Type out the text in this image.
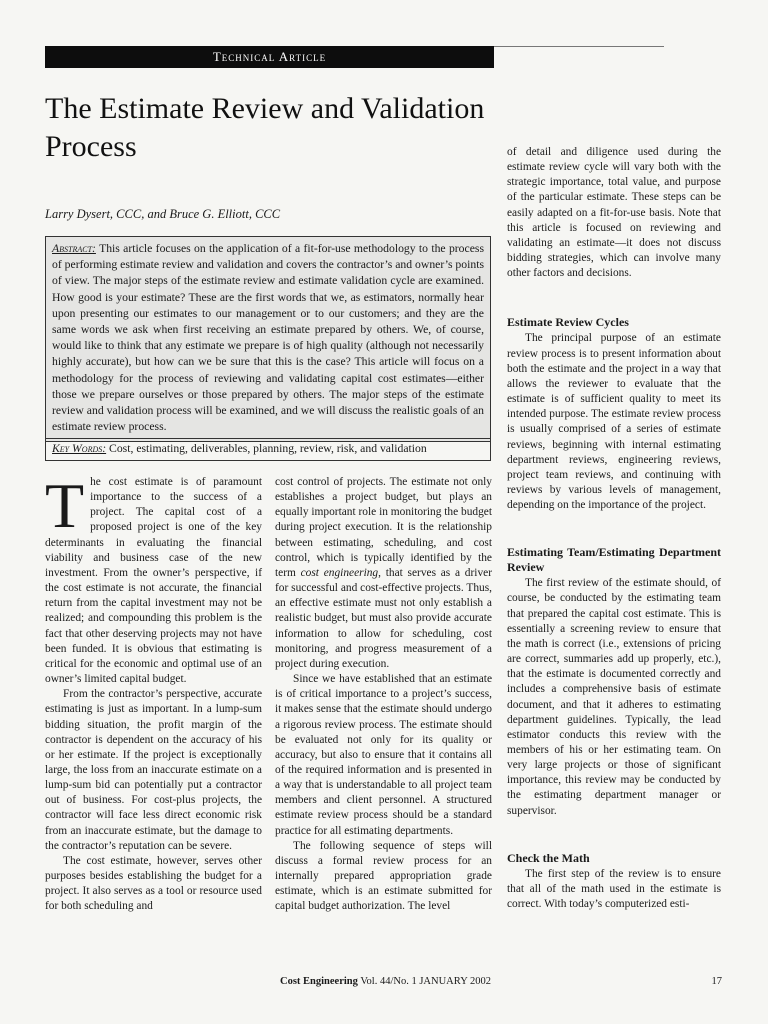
Technical Article
The Estimate Review and Validation Process
Larry Dysert, CCC, and Bruce G. Elliott, CCC
Abstract: This article focuses on the application of a fit-for-use methodology to the process of performing estimate review and validation and covers the contractor’s and owner’s points of view. The major steps of the estimate review and estimate validation cycle are examined. How good is your estimate? These are the first words that we, as estimators, normally hear upon presenting our estimates to our management or to our customers; and they are the same words we ask when first receiving an estimate prepared by others. We, of course, would like to think that any estimate we prepare is of high quality (although not necessarily highly accurate), but how can we be sure that this is the case? This article will focus on a methodology for the process of reviewing and validating capital cost estimates—either those we prepare ourselves or those prepared by others. The major steps of the estimate review and validation process will be examined, and we will discuss the realistic goals of an estimate review process.
Key Words: Cost, estimating, deliverables, planning, review, risk, and validation

The cost estimate is of paramount importance to the success of a project. The capital cost of a proposed project is one of the key determinants in evaluating the financial viability and business case of the new investment. From the owner’s perspective, if the cost estimate is not accurate, the financial return from the capital investment may not be realized; and compounding this problem is the fact that other deserving projects may not have been funded. It is obvious that estimating is critical for the economic and optimal use of an owner’s limited capital budget.

From the contractor’s perspective, accurate estimating is just as important. In a lump-sum bidding situation, the profit margin of the contractor is dependent on the accuracy of his or her estimate. If the project is exceptionally large, the loss from an inaccurate estimate on a lump-sum bid can potentially put a contractor out of business. For cost-plus projects, the contractor will face less direct economic risk from an inaccurate estimate, but the damage to the contractor’s reputation can be severe.

The cost estimate, however, serves other purposes besides establishing the budget for a project. It also serves as a tool or resource used for both scheduling and

cost control of projects. The estimate not only establishes a project budget, but plays an equally important role in monitoring the budget during project execution. It is the relationship between estimating, scheduling, and cost control, which is typically identified by the term cost engineering, that serves as a driver for successful and cost-effective projects. Thus, an effective estimate must not only establish a realistic budget, but must also provide accurate information to allow for scheduling, cost monitoring, and progress measurement of a project during execution.

Since we have established that an estimate is of critical importance to a project’s success, it makes sense that the estimate should undergo a rigorous review process. The estimate should be evaluated not only for its quality or accuracy, but also to ensure that it contains all of the required information and is presented in a way that is understandable to all project team members and client personnel. A structured estimate review process should be a standard practice for all estimating departments.

The following sequence of steps will discuss a formal review process for an internally prepared appropriation grade estimate, which is an estimate submitted for capital budget authorization. The level

of detail and diligence used during the estimate review cycle will vary both with the strategic importance, total value, and purpose of the particular estimate. These steps can be easily adapted on a fit-for-use basis. Note that this article is focused on reviewing and validating an estimate—it does not discuss bidding strategies, which can involve many other factors and decisions.

Estimate Review Cycles

The principal purpose of an estimate review process is to present information about both the estimate and the project in a way that allows the reviewer to evaluate that the estimate is of sufficient quality to meet its intended purpose. The estimate review process is usually comprised of a series of estimate reviews, beginning with internal estimating department reviews, engineering reviews, project team reviews, and continuing with reviews by various levels of management, depending on the importance of the project.

Estimating Team/Estimating Department Review

The first review of the estimate should, of course, be conducted by the estimating team that prepared the capital cost estimate. This is essentially a screening review to ensure that the math is correct (i.e., extensions of pricing are correct, summaries add up properly, etc.), that the estimate is documented correctly and includes a comprehensive basis of estimate document, and that it adheres to estimating department guidelines. Typically, the lead estimator conducts this review with the members of his or her estimating team. On very large projects or those of significant importance, this review may be conducted by the estimating department manager or supervisor.

Check the Math

The first step of the review is to ensure that all of the math used in the estimate is correct. With today’s computerized esti-

Cost Engineering Vol. 44/No. 1 JANUARY 2002	17
